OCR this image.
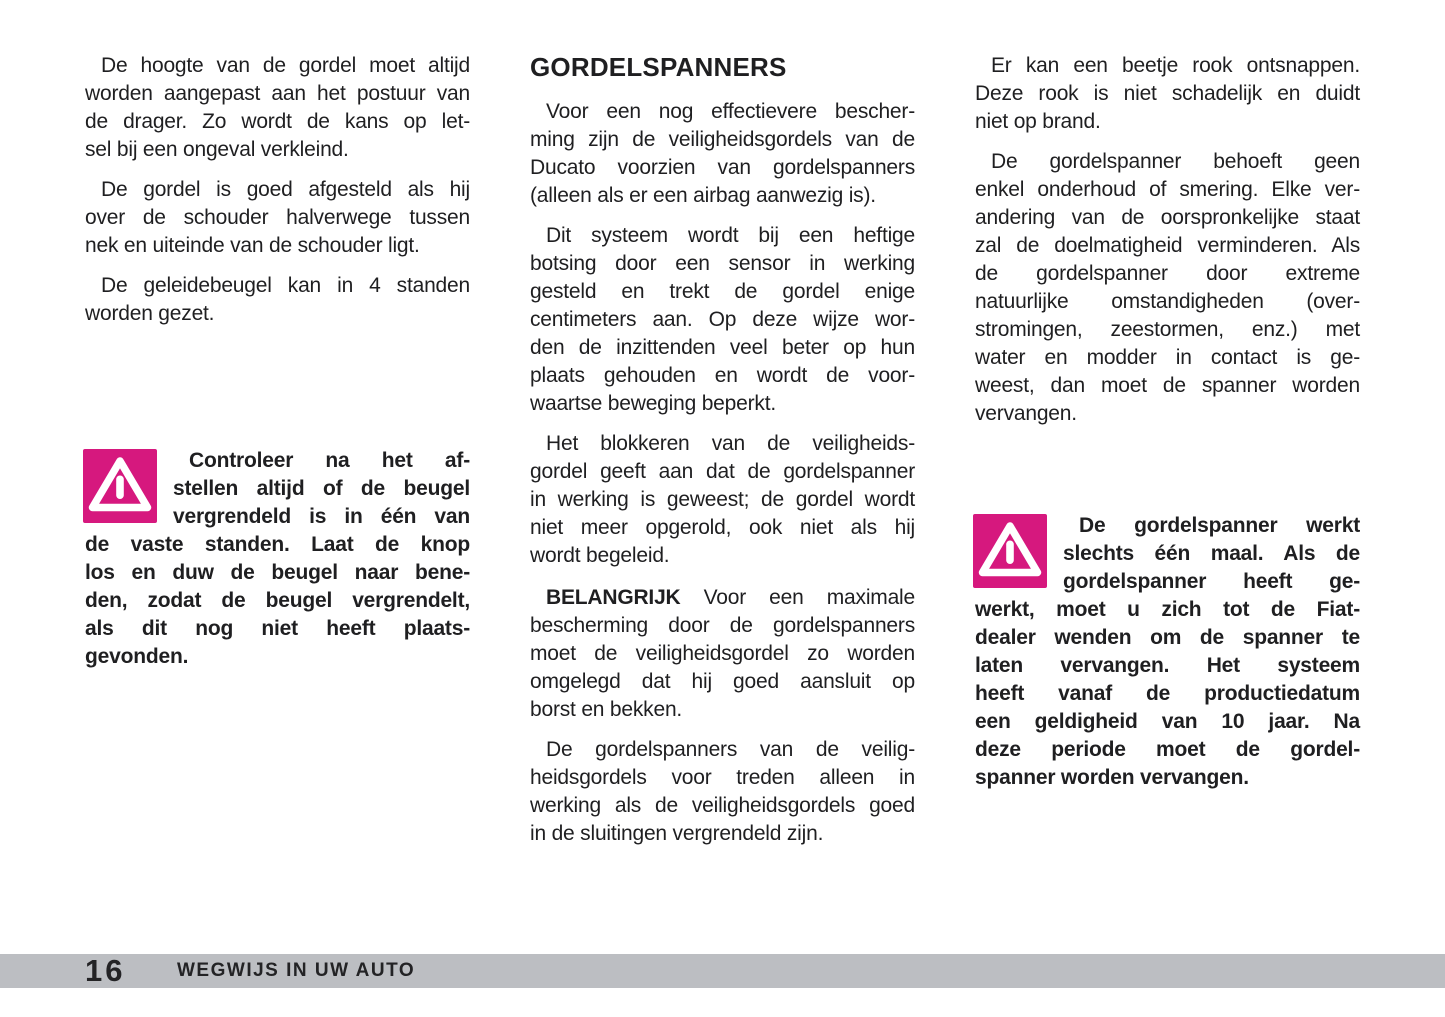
De hoogte van de gordel moet altijd
worden aangepast aan het postuur van
de drager. Zo wordt de kans op let-
sel bij een ongeval verkleind.
De gordel is goed afgesteld als hij
over de schouder halverwege tussen
nek en uiteinde van de schouder ligt.
De geleidebeugel kan in 4 standen
worden gezet.
Controleer na het af-
stellen altijd of de beugel
vergrendeld is in één van
de vaste standen. Laat de knop
los en duw de beugel naar bene-
den, zodat de beugel vergrendelt,
als dit nog niet heeft plaats-
gevonden.
GORDELSPANNERS
Voor een nog effectievere bescher-
ming zijn de veiligheidsgordels van de
Ducato voorzien van gordelspanners
(alleen als er een airbag aanwezig is).
Dit systeem wordt bij een heftige
botsing door een sensor in werking
gesteld en trekt de gordel enige
centimeters aan. Op deze wijze wor-
den de inzittenden veel beter op hun
plaats gehouden en wordt de voor-
waartse beweging beperkt.
Het blokkeren van de veiligheids-
gordel geeft aan dat de gordelspanner
in werking is geweest; de gordel wordt
niet meer opgerold, ook niet als hij
wordt begeleid.
BELANGRIJK Voor een maximale
bescherming door de gordelspanners
moet de veiligheidsgordel zo worden
omgelegd dat hij goed aansluit op
borst en bekken.
De gordelspanners van de veilig-
heidsgordels voor treden alleen in
werking als de veiligheidsgordels goed
in de sluitingen vergrendeld zijn.
Er kan een beetje rook ontsnappen.
Deze rook is niet schadelijk en duidt
niet op brand.
De gordelspanner behoeft geen
enkel onderhoud of smering. Elke ver-
andering van de oorspronkelijke staat
zal de doelmatigheid verminderen. Als
de gordelspanner door extreme
natuurlijke omstandigheden (over-
stromingen, zeestormen, enz.) met
water en modder in contact is ge-
weest, dan moet de spanner worden
vervangen.
De gordelspanner werkt
slechts één maal. Als de
gordelspanner heeft ge-
werkt, moet u zich tot de Fiat-
dealer wenden om de spanner te
laten vervangen. Het systeem
heeft vanaf de productiedatum
een geldigheid van 10 jaar. Na
deze periode moet de gordel-
spanner worden vervangen.
16	WEGWIJS IN UW AUTO
